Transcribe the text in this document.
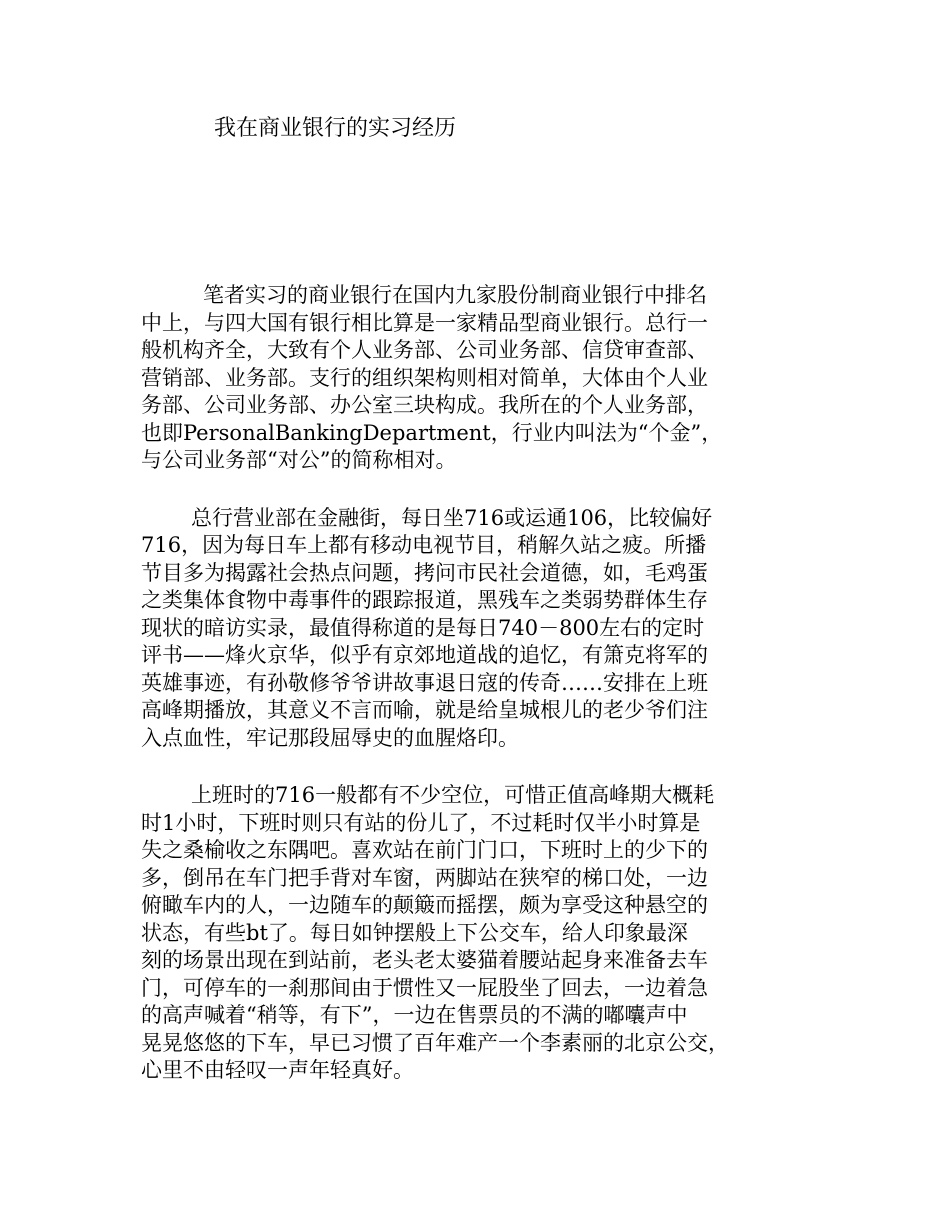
我在商业银行的实习经历

笔者实习的商业银行在国内九家股份制商业银行中排名
中上，与四大国有银行相比算是一家精品型商业银行。总行一
般机构齐全，大致有个人业务部、公司业务部、信贷审查部、
营销部、业务部。支行的组织架构则相对简单，大体由个人业
务部、公司业务部、办公室三块构成。我所在的个人业务部，
也即PersonalBankingDepartment，行业内叫法为“个金”，
与公司业务部“对公”的简称相对。

总行营业部在金融街，每日坐716或运通106，比较偏好
716，因为每日车上都有移动电视节目，稍解久站之疲。所播
节目多为揭露社会热点问题，拷问市民社会道德，如，毛鸡蛋
之类集体食物中毒事件的跟踪报道，黑残车之类弱势群体生存
现状的暗访实录，最值得称道的是每日740－800左右的定时
评书——烽火京华，似乎有京郊地道战的追忆，有箫克将军的
英雄事迹，有孙敬修爷爷讲故事退日寇的传奇……安排在上班
高峰期播放，其意义不言而喻，就是给皇城根儿的老少爷们注
入点血性，牢记那段屈辱史的血腥烙印。

上班时的716一般都有不少空位，可惜正值高峰期大概耗
时1小时，下班时则只有站的份儿了，不过耗时仅半小时算是
失之桑榆收之东隅吧。喜欢站在前门门口，下班时上的少下的
多，倒吊在车门把手背对车窗，两脚站在狭窄的梯口处，一边
俯瞰车内的人，一边随车的颠簸而摇摆，颇为享受这种悬空的
状态，有些bt了。每日如钟摆般上下公交车，给人印象最深
刻的场景出现在到站前，老头老太婆猫着腰站起身来准备去车
门，可停车的一刹那间由于惯性又一屁股坐了回去，一边着急
的高声喊着“稍等，有下”，一边在售票员的不满的嘟囔声中
晃晃悠悠的下车，早已习惯了百年难产一个李素丽的北京公交，
心里不由轻叹一声年轻真好。
